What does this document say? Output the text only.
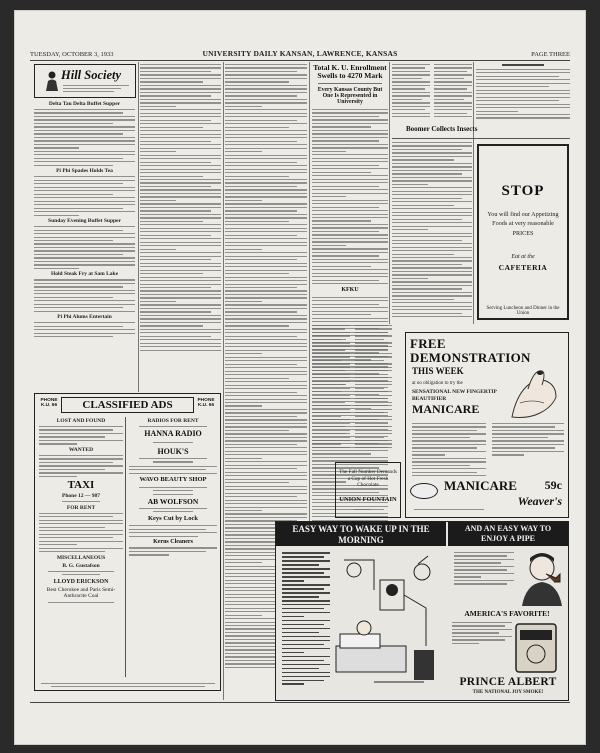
TUESDAY, OCTOBER 3, 1933	UNIVERSITY DAILY KANSAN, LAWRENCE, KANSAS	PAGE THREE
Hill Society
Delta Tau Delta Buffet Supper
Pi Phi Spades Holds Tea
Sunday Evening Buffet Supper
Hold Steak Fry at Sam Lake
Pi Phi Alums Entertain
PHONE K.U. 66	CLASSIFIED ADS	PHONE K.U. 66
LOST AND FOUND
WANTED
TAXI
Phone 12 — 987
FOR RENT
MISCELLANEOUS
B. G. Gustafson
LLOYD ERICKSON
Best Cherokee and Paris Semi-Anthracite Coal
RADIOS FOR RENT
HANNA RADIO
HOUK'S
WAVO BEAUTY SHOP
AB WOLFSON
Keys Cut by Lock
Kerns Cleaners
Total K. U. Enrollment Swells to 4270 Mark
Every Kansas County But One Is Represented in University
KFKU
Boomer Collects Insects
STOP
You will find our Appetizing Foods at very reasonable PRICES
Eat at the
CAFETERIA
Serving Luncheon and Dinner in the Union
The Fall Number Demands a Cup of Hot Fresh Chocolate
UNION FOUNTAIN
FREE DEMONSTRATION
THIS WEEK
at no obligation to try the
SENSATIONAL NEW FINGERTIP BEAUTIFIER
MANICARE
MANICARE 59c
Weaver's
EASY WAY TO WAKE UP IN THE MORNING
AND AN EASY WAY TO ENJOY A PIPE
AMERICA'S FAVORITE!
PRINCE ALBERT
THE NATIONAL JOY SMOKE!
